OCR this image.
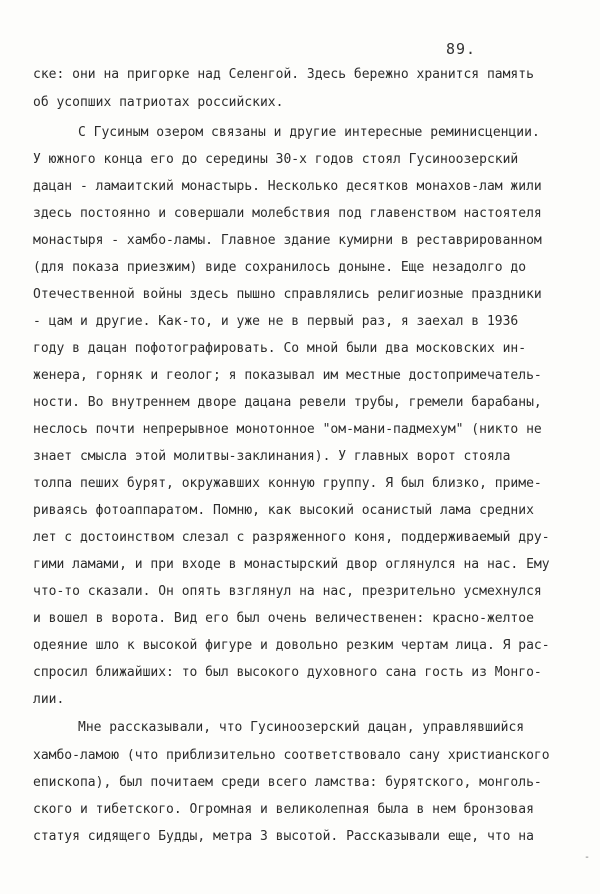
89.
ске: они на пригорке над Селенгой. Здесь бережно хранится память
об усопших патриотах российских.
С Гусиным озером связаны и другие интересные реминисценции.
У южного конца его до середины 30-х годов стоял Гусиноозерский
дацан - ламаитский монастырь. Несколько десятков монахов-лам жили
здесь постоянно и совершали молебствия под главенством настоятеля
монастыря - хамбо-ламы. Главное здание кумирни в реставрированном
(для показа приезжим) виде сохранилось доныне. Еще незадолго до
Отечественной войны здесь пышно справлялись религиозные праздники
- цам и другие. Как-то, и уже не в первый раз, я заехал в 1936
году в дацан пофотографировать. Со мной были два московских ин-
женера, горняк и геолог; я показывал им местные достопримечатель-
ности. Во внутреннем дворе дацана ревели трубы, гремели барабаны,
неслось почти непрерывное монотонное "ом-мани-падмехум" (никто не
знает смысла этой молитвы-заклинания). У главных ворот стояла
толпа пеших бурят, окружавших конную группу. Я был близко, приме-
риваясь фотоаппаратом. Помню, как высокий осанистый лама средних
лет с достоинством слезал с разряженного коня, поддерживаемый дру-
гими ламами, и при входе в монастырский двор оглянулся на нас. Ему
что-то сказали. Он опять взглянул на нас, презрительно усмехнулся
и вошел в ворота. Вид его был очень величественен: красно-желтое
одеяние шло к высокой фигуре и довольно резким чертам лица. Я рас-
спросил ближайших: то был высокого духовного сана гость из Монго-
лии.
Мне рассказывали, что Гусиноозерский дацан, управлявшийся
хамбо-ламою (что приблизительно соответствовало сану христианского
епископа), был почитаем среди всего ламства: бурятского, монголь-
ского и тибетского. Огромная и великолепная была в нем бронзовая
статуя сидящего Будды, метра 3 высотой. Рассказывали еще, что на
-
